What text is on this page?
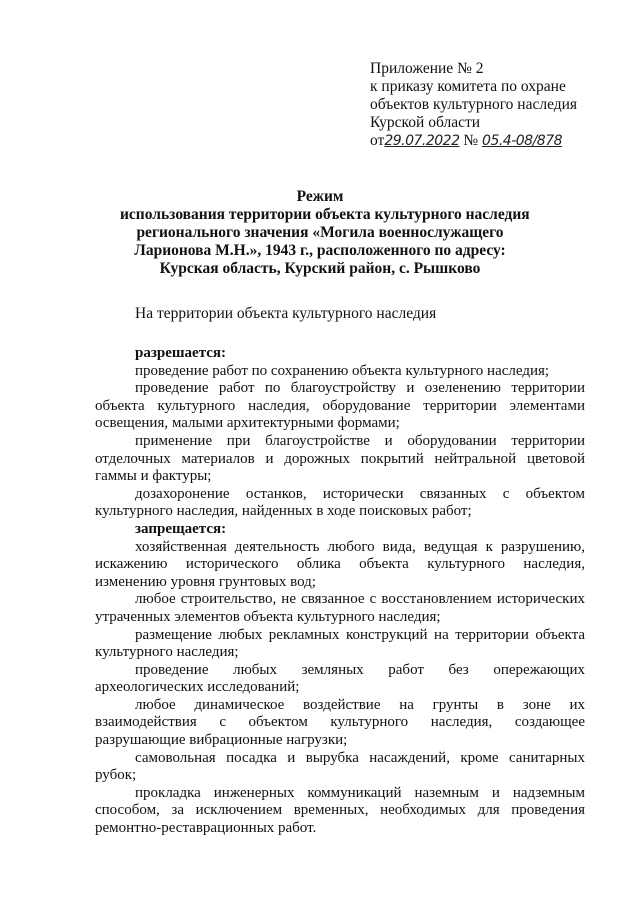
Приложение № 2
к приказу комитета по охране
объектов культурного наследия
Курской области
от29.07.2022 № 05.4-08/878
Режим
использования территории объекта культурного наследия
регионального значения «Могила военнослужащего
Ларионова М.Н.», 1943 г., расположенного по адресу:
Курская область, Курский район, с. Рышково
На территории объекта культурного наследия

разрешается:

проведение работ по сохранению объекта культурного наследия;

проведение работ по благоустройству и озеленению территории объекта культурного наследия, оборудование территории элементами освещения, малыми архитектурными формами;

применение при благоустройстве и оборудовании территории отделочных материалов и дорожных покрытий нейтральной цветовой гаммы и фактуры;

дозахоронение останков, исторически связанных с объектом культурного наследия, найденных в ходе поисковых работ;

запрещается:

хозяйственная деятельность любого вида, ведущая к разрушению, искажению исторического облика объекта культурного наследия, изменению уровня грунтовых вод;

любое строительство, не связанное с восстановлением исторических утраченных элементов объекта культурного наследия;

размещение любых рекламных конструкций на территории объекта культурного наследия;

проведение любых земляных работ без опережающих археологических исследований;

любое динамическое воздействие на грунты в зоне их взаимодействия с объектом культурного наследия, создающее разрушающие вибрационные нагрузки;

самовольная посадка и вырубка насаждений, кроме санитарных рубок;

прокладка инженерных коммуникаций наземным и надземным способом, за исключением временных, необходимых для проведения ремонтно-реставрационных работ.
